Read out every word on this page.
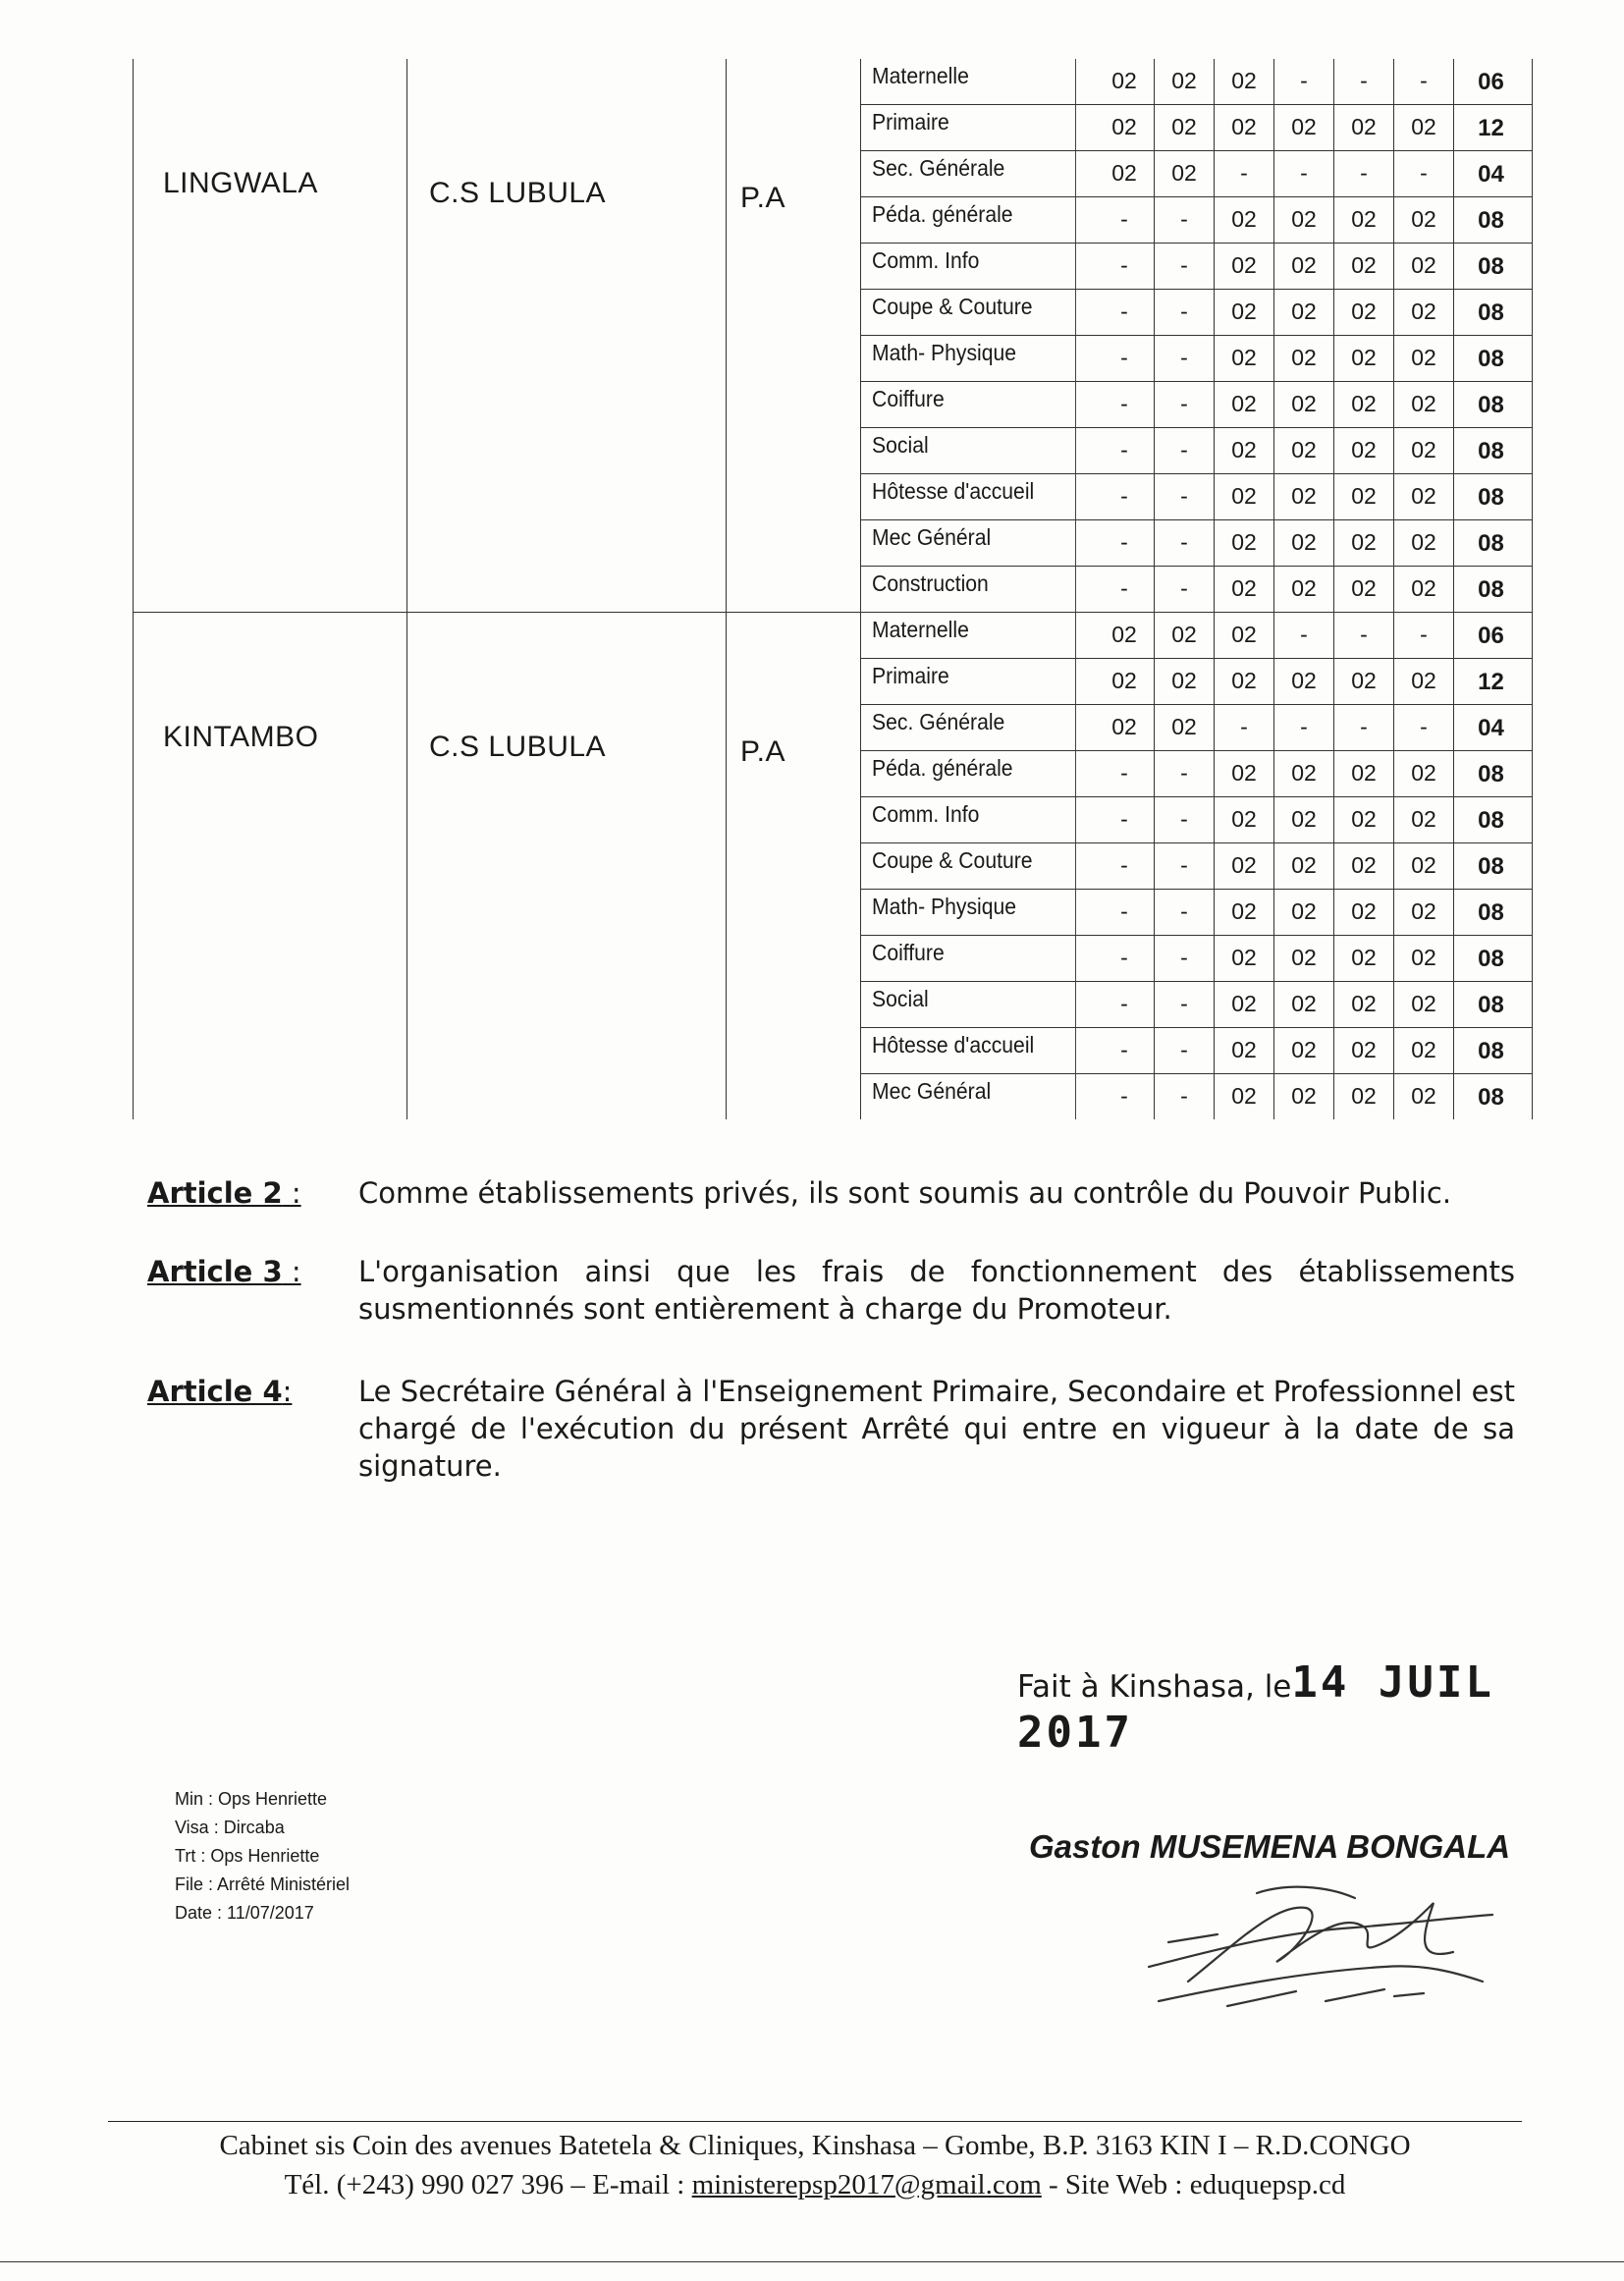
LINGWALA	C.S LUBULA	P.A
Maternelle	02	02	02	-	-	-	06
Primaire	02	02	02	02	02	02	12
Sec. Générale	02	02	-	-	-	-	04
Péda. générale	-	-	02	02	02	02	08
Comm. Info	-	-	02	02	02	02	08
Coupe & Couture	-	-	02	02	02	02	08
Math- Physique	-	-	02	02	02	02	08
Coiffure	-	-	02	02	02	02	08
Social	-	-	02	02	02	02	08
Hôtesse d'accueil	-	-	02	02	02	02	08
Mec Général	-	-	02	02	02	02	08
Construction	-	-	02	02	02	02	08
KINTAMBO	C.S LUBULA	P.A
Maternelle	02	02	02	-	-	-	06
Primaire	02	02	02	02	02	02	12
Sec. Générale	02	02	-	-	-	-	04
Péda. générale	-	-	02	02	02	02	08
Comm. Info	-	-	02	02	02	02	08
Coupe & Couture	-	-	02	02	02	02	08
Math- Physique	-	-	02	02	02	02	08
Coiffure	-	-	02	02	02	02	08
Social	-	-	02	02	02	02	08
Hôtesse d'accueil	-	-	02	02	02	02	08
Mec Général	-	-	02	02	02	02	08
Article 2 : Comme établissements privés, ils sont soumis au contrôle du Pouvoir Public.
Article 3 : L'organisation ainsi que les frais de fonctionnement des établissements susmentionnés sont entièrement à charge du Promoteur.
Article 4: Le Secrétaire Général à l'Enseignement Primaire, Secondaire et Professionnel est chargé de l'exécution du présent Arrêté qui entre en vigueur à la date de sa signature.
Fait à Kinshasa, le14 JUIL 2017
Min : Ops Henriette
Visa : Dircaba
Trt : Ops Henriette
File : Arrêté Ministériel
Date : 11/07/2017
Gaston MUSEMENA BONGALA
Cabinet sis Coin des avenues Batetela & Cliniques, Kinshasa – Gombe, B.P. 3163 KIN I – R.D.CONGO
Tél. (+243) 990 027 396 – E-mail : ministerepsp2017@gmail.com - Site Web : eduquepsp.cd
